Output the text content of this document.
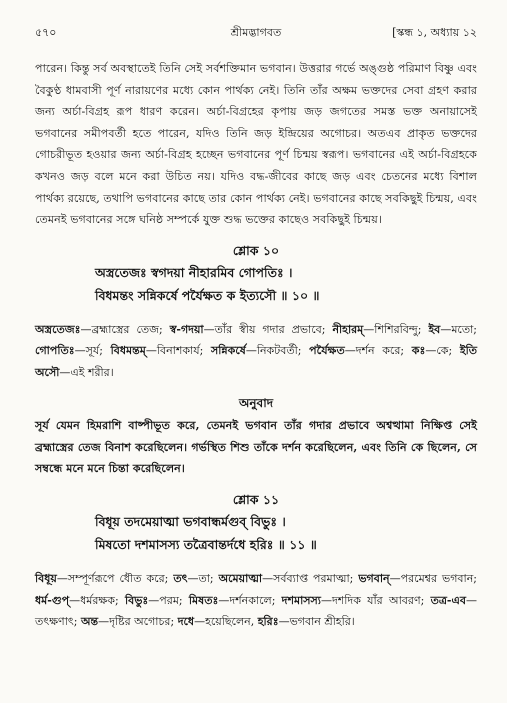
৫৭০	শ্রীমদ্ভাগবত	[স্কন্ধ ১, অধ্যায় ১২

পারেন। কিন্তু সর্ব অবস্থাতেই তিনি সেই সর্বশক্তিমান ভগবান। উত্তরার গর্ভে অঙ্গুষ্ঠ পরিমাণ বিষ্ণু এবং বৈকুণ্ঠ ধামবাসী পূর্ণ নারায়ণের মধ্যে কোন পার্থক্য নেই। তিনি তাঁর অক্ষম ভক্তদের সেবা গ্রহণ করার জন্য অর্চা-বিগ্রহ রূপ ধারণ করেন। অর্চা-বিগ্রহের কৃপায় জড় জগতের সমস্ত ভক্ত অনায়াসেই ভগবানের সমীপবর্তী হতে পারেন, যদিও তিনি জড় ইন্দ্রিয়ের অগোচর। অতএব প্রাকৃত ভক্তদের গোচরীভূত হওয়ার জন্য অর্চা-বিগ্রহ হচ্ছেন ভগবানের পূর্ণ চিন্ময় স্বরূপ। ভগবানের এই অর্চা-বিগ্রহকে কখনও জড় বলে মনে করা উচিত নয়। যদিও বদ্ধ-জীবের কাছে জড় এবং চেতনের মধ্যে বিশাল পার্থক্য রয়েছে, তথাপি ভগবানের কাছে তার কোন পার্থক্য নেই। ভগবানের কাছে সবকিছুই চিন্ময়, এবং তেমনই ভগবানের সঙ্গে ঘনিষ্ঠ সম্পর্কে যুক্ত শুদ্ধ ভক্তের কাছেও সবকিছুই চিন্ময়।

শ্লোক ১০
অস্ত্রতেজঃ স্বগদয়া নীহারমিব গোপতিঃ ।
বিধমন্তং সন্নিকর্ষে পর্যৈক্ষত ক ইত্যসৌ ॥ ১০ ॥

অস্ত্রতেজঃ—ব্রহ্মাস্ত্রের তেজ; স্ব-গদয়া—তাঁর স্বীয় গদার প্রভাবে; নীহারম্—শিশিরবিন্দু; ইব—মতো; গোপতিঃ—সূর্য; বিধমন্তম্—বিনাশকার্য; সন্নিকর্ষে—নিকটবর্তী; পর্যৈক্ষত—দর্শন করে; কঃ—কে; ইতি অসৌ—এই শরীর।

অনুবাদ

সূর্য যেমন হিমরাশি বাষ্পীভূত করে, তেমনই ভগবান তাঁর গদার প্রভাবে অশ্বত্থামা নিক্ষিপ্ত সেই ব্রহ্মাস্ত্রের তেজ বিনাশ করেছিলেন। গর্ভস্থিত শিশু তাঁকে দর্শন করেছিলেন, এবং তিনি কে ছিলেন, সে সম্বন্ধে মনে মনে চিন্তা করেছিলেন।

শ্লোক ১১
বিধূয় তদমেয়াত্মা ভগবান্ধর্মগুব্ বিভুঃ ।
মিষতো দশমাসস্য তত্রৈবান্তর্দধে হরিঃ ॥ ১১ ॥

বিধূয়—সম্পূর্ণরূপে ধৌত করে; তৎ—তা; অমেয়াত্মা—সর্বব্যাপ্ত পরমাত্মা; ভগবান্—পরমেশ্বর ভগবান; ধর্ম-গুপ্—ধর্মরক্ষক; বিভুঃ—পরম; মিষতঃ—দর্শনকালে; দশমাসস্য—দশদিক যাঁর আবরণ; তত্র-এব—তৎক্ষণাৎ; অন্ত—দৃষ্টির অগোচর; দধে—হয়েছিলেন, হরিঃ—ভগবান শ্রীহরি।
